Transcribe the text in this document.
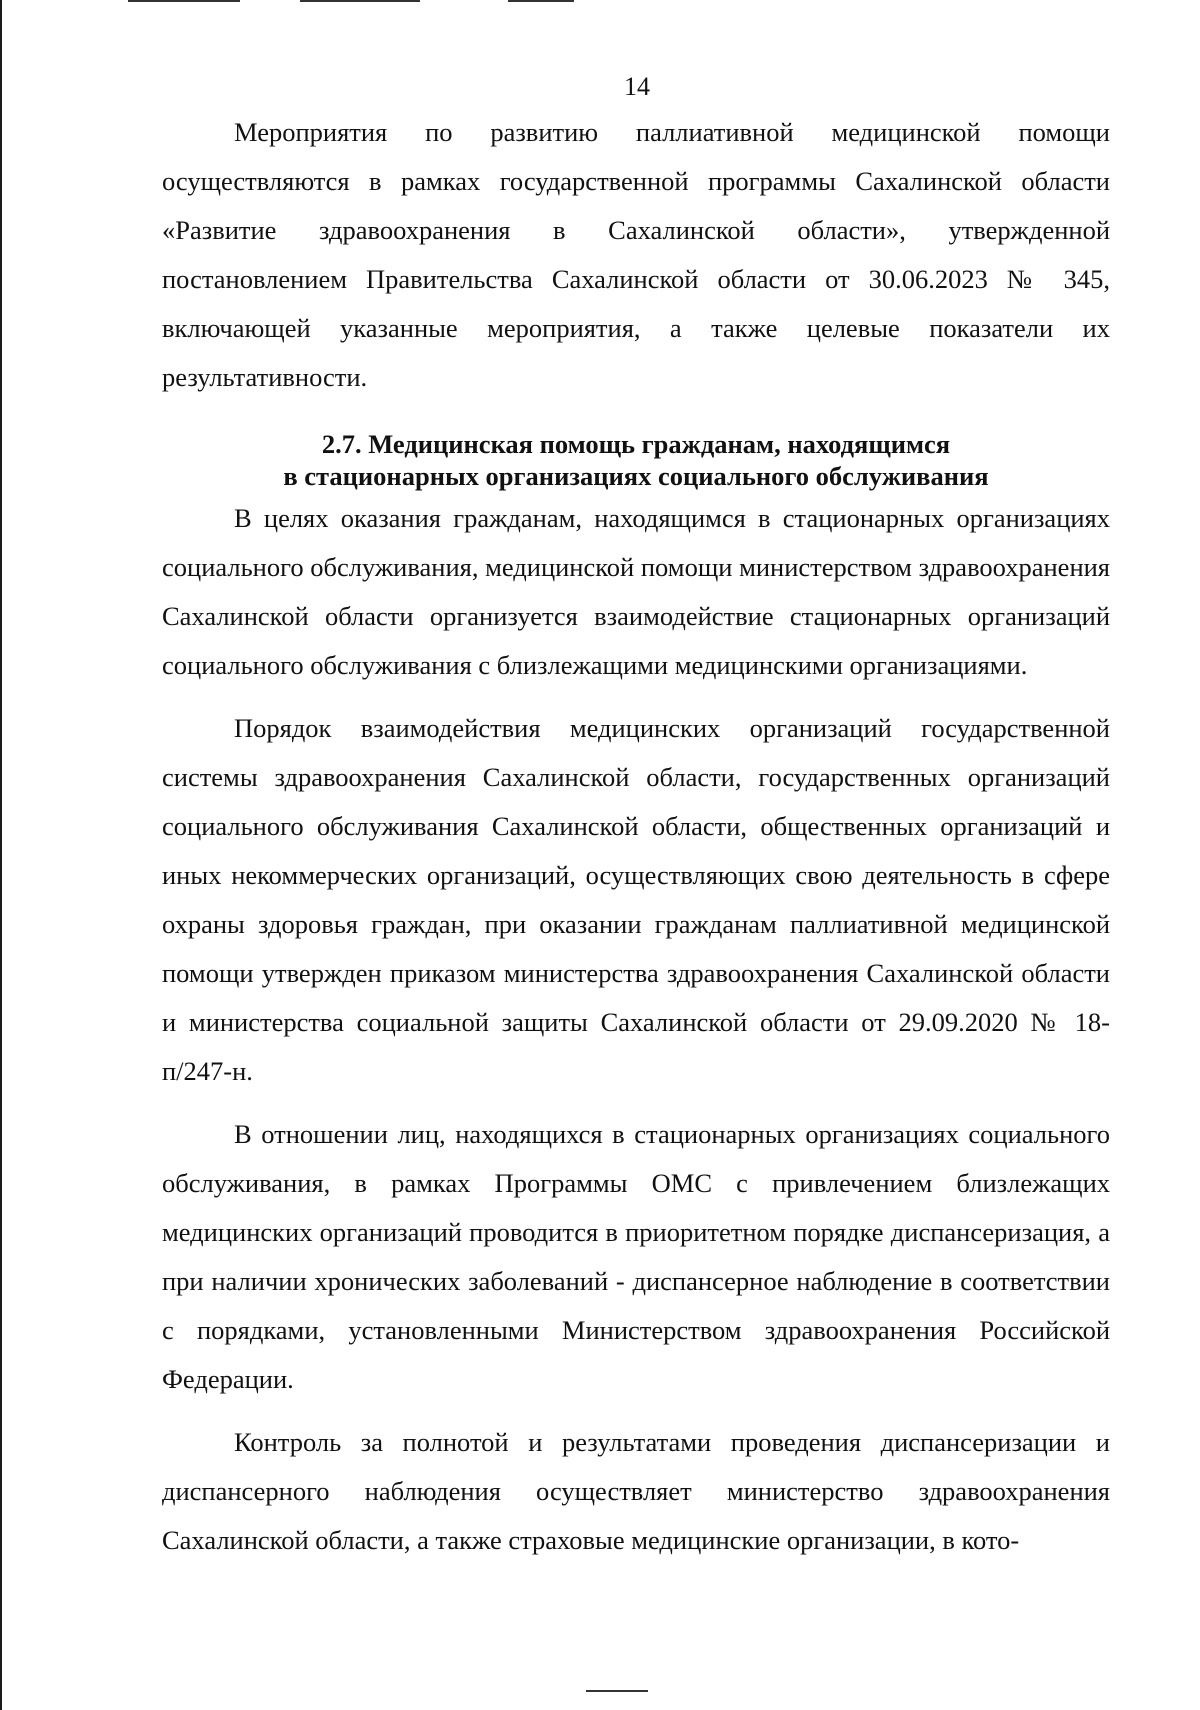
14

Мероприятия по развитию паллиативной медицинской помощи осуществляются в рамках государственной программы Сахалинской области «Развитие здравоохранения в Сахалинской области», утвержденной постановлением Правительства Сахалинской области от 30.06.2023 № 345, включающей указанные мероприятия, а также целевые показатели их результативности.

2.7. Медицинская помощь гражданам, находящимся
в стационарных организациях социального обслуживания

В целях оказания гражданам, находящимся в стационарных организациях социального обслуживания, медицинской помощи министерством здравоохранения Сахалинской области организуется взаимодействие стационарных организаций социального обслуживания с близлежащими медицинскими организациями.

Порядок взаимодействия медицинских организаций государственной системы здравоохранения Сахалинской области, государственных организаций социального обслуживания Сахалинской области, общественных организаций и иных некоммерческих организаций, осуществляющих свою деятельность в сфере охраны здоровья граждан, при оказании гражданам паллиативной медицинской помощи утвержден приказом министерства здравоохранения Сахалинской области и министерства социальной защиты Сахалинской области от 29.09.2020 № 18-п/247-н.

В отношении лиц, находящихся в стационарных организациях социального обслуживания, в рамках Программы ОМС с привлечением близлежащих медицинских организаций проводится в приоритетном порядке диспансеризация, а при наличии хронических заболеваний - диспансерное наблюдение в соответствии с порядками, установленными Министерством здравоохранения Российской Федерации.

Контроль за полнотой и результатами проведения диспансеризации и диспансерного наблюдения осуществляет министерство здравоохранения Сахалинской области, а также страховые медицинские организации, в кото-
